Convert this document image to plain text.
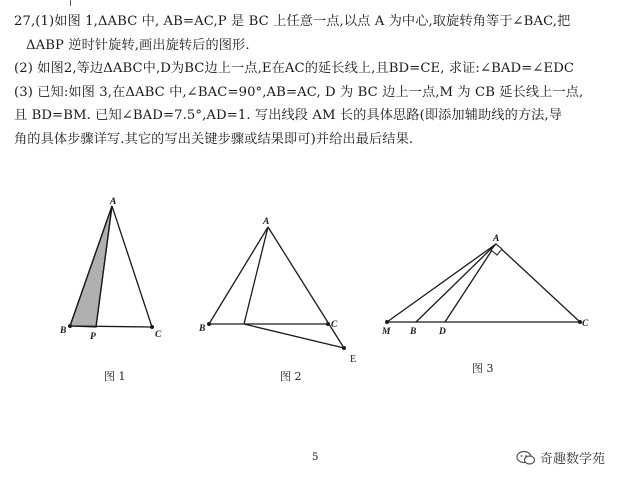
27,(1)如图 1,ΔABC 中, AB=AC,P 是 BC 上任意一点,以点 A 为中心,取旋转角等于∠BAC,把
ΔABP 逆时针旋转,画出旋转后的图形.
(2) 如图2,等边ΔABC中,D为BC边上一点,E在AC的延长线上,且BD=CE, 求证:∠BAD=∠EDC
(3) 已知:如图 3,在ΔABC 中,∠BAC=90°,AB=AC, D 为 BC 边上一点,M 为 CB 延长线上一点,
且 BD=BM. 已知∠BAD=7.5°,AD=1. 写出线段 AM 长的具体思路(即添加辅助线的方法,导
角的具体步骤详写.其它的写出关键步骤或结果即可)并给出最后结果.
A
B
P	C
A
B	C
A
M B D
C
E
图 1	图 2
图 3
5	奇趣数学苑
